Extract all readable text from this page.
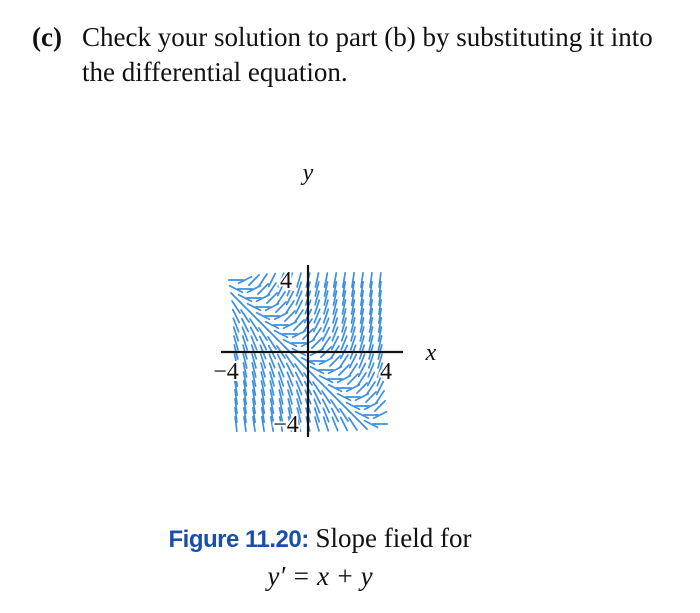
(c) Check your solution to part (b) by substituting it into the differential equation.
y
x
4
4
−4
−4
Figure 11.20: Slope field for
y′ = x + y
